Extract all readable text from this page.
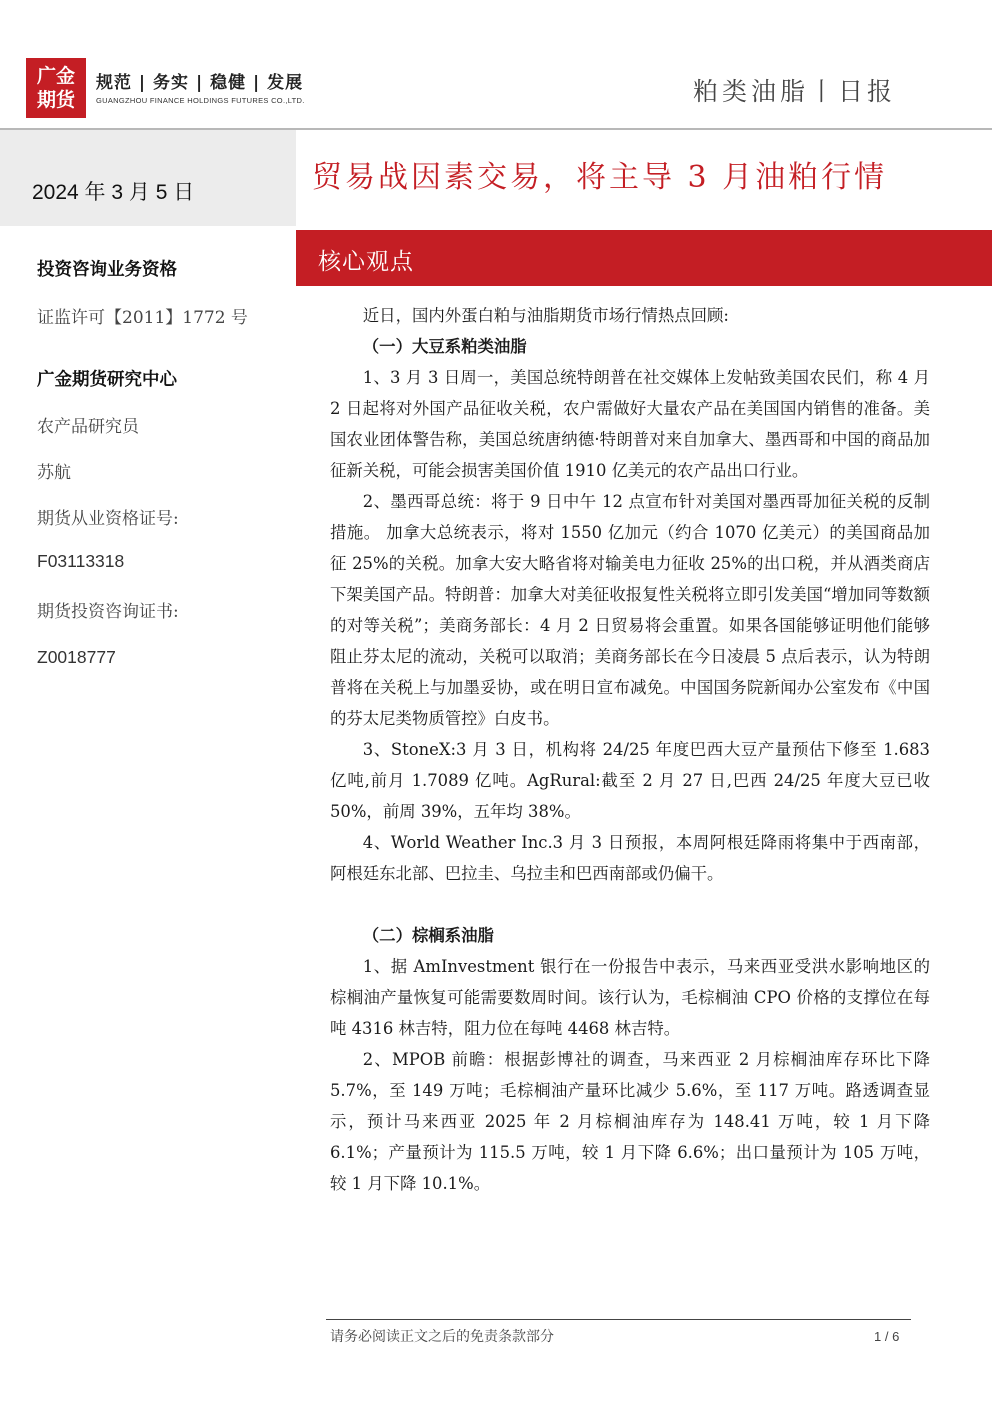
广金
期货
规范 | 务实 | 稳健 | 发展
GUANGZHOU FINANCE HOLDINGS FUTURES CO.,LTD.	粕类油脂丨日报
2024 年 3 月 5 日
投资咨询业务资格
证监许可【2011】1772 号
广金期货研究中心
农产品研究员
苏航
期货从业资格证号:
F03113318
期货投资咨询证书:
Z0018777
贸易战因素交易，将主导 3 月油粕行情
核心观点

近日，国内外蛋白粕与油脂期货市场行情热点回顾:

（一）大豆系粕类油脂

1、3 月 3 日周一，美国总统特朗普在社交媒体上发帖致美国农民们，称 4 月 2 日起将对外国产品征收关税，农户需做好大量农产品在美国国内销售的准备。美国农业团体警告称，美国总统唐纳德·特朗普对来自加拿大、墨西哥和中国的商品加征新关税，可能会损害美国价值 1910 亿美元的农产品出口行业。

2、墨西哥总统：将于 9 日中午 12 点宣布针对美国对墨西哥加征关税的反制措施。 加拿大总统表示，将对 1550 亿加元（约合 1070 亿美元）的美国商品加征 25%的关税。加拿大安大略省将对输美电力征收 25%的出口税，并从酒类商店下架美国产品。特朗普：加拿大对美征收报复性关税将立即引发美国“增加同等数额的对等关税”；美商务部长：4 月 2 日贸易将会重置。如果各国能够证明他们能够阻止芬太尼的流动，关税可以取消；美商务部长在今日凌晨 5 点后表示，认为特朗普将在关税上与加墨妥协，或在明日宣布减免。中国国务院新闻办公室发布《中国的芬太尼类物质管控》白皮书。

3、StoneX:3 月 3 日，机构将 24/25 年度巴西大豆产量预估下修至 1.683 亿吨,前月 1.7089 亿吨。AgRural:截至 2 月 27 日,巴西 24/25 年度大豆已收 50%，前周 39%，五年均 38%。

4、World Weather Inc.3 月 3 日预报，本周阿根廷降雨将集中于西南部，阿根廷东北部、巴拉圭、乌拉圭和巴西南部或仍偏干。

（二）棕榈系油脂

1、据 AmInvestment 银行在一份报告中表示，马来西亚受洪水影响地区的棕榈油产量恢复可能需要数周时间。该行认为，毛棕榈油 CPO 价格的支撑位在每吨 4316 林吉特，阻力位在每吨 4468 林吉特。

2、MPOB 前瞻：根据彭博社的调查，马来西亚 2 月棕榈油库存环比下降 5.7%，至 149 万吨；毛棕榈油产量环比减少 5.6%，至 117 万吨。路透调查显示，预计马来西亚 2025 年 2 月棕榈油库存为 148.41 万吨，较 1 月下降 6.1%；产量预计为 115.5 万吨，较 1 月下降 6.6%；出口量预计为 105 万吨，较 1 月下降 10.1%。

请务必阅读正文之后的免责条款部分	1 / 6
